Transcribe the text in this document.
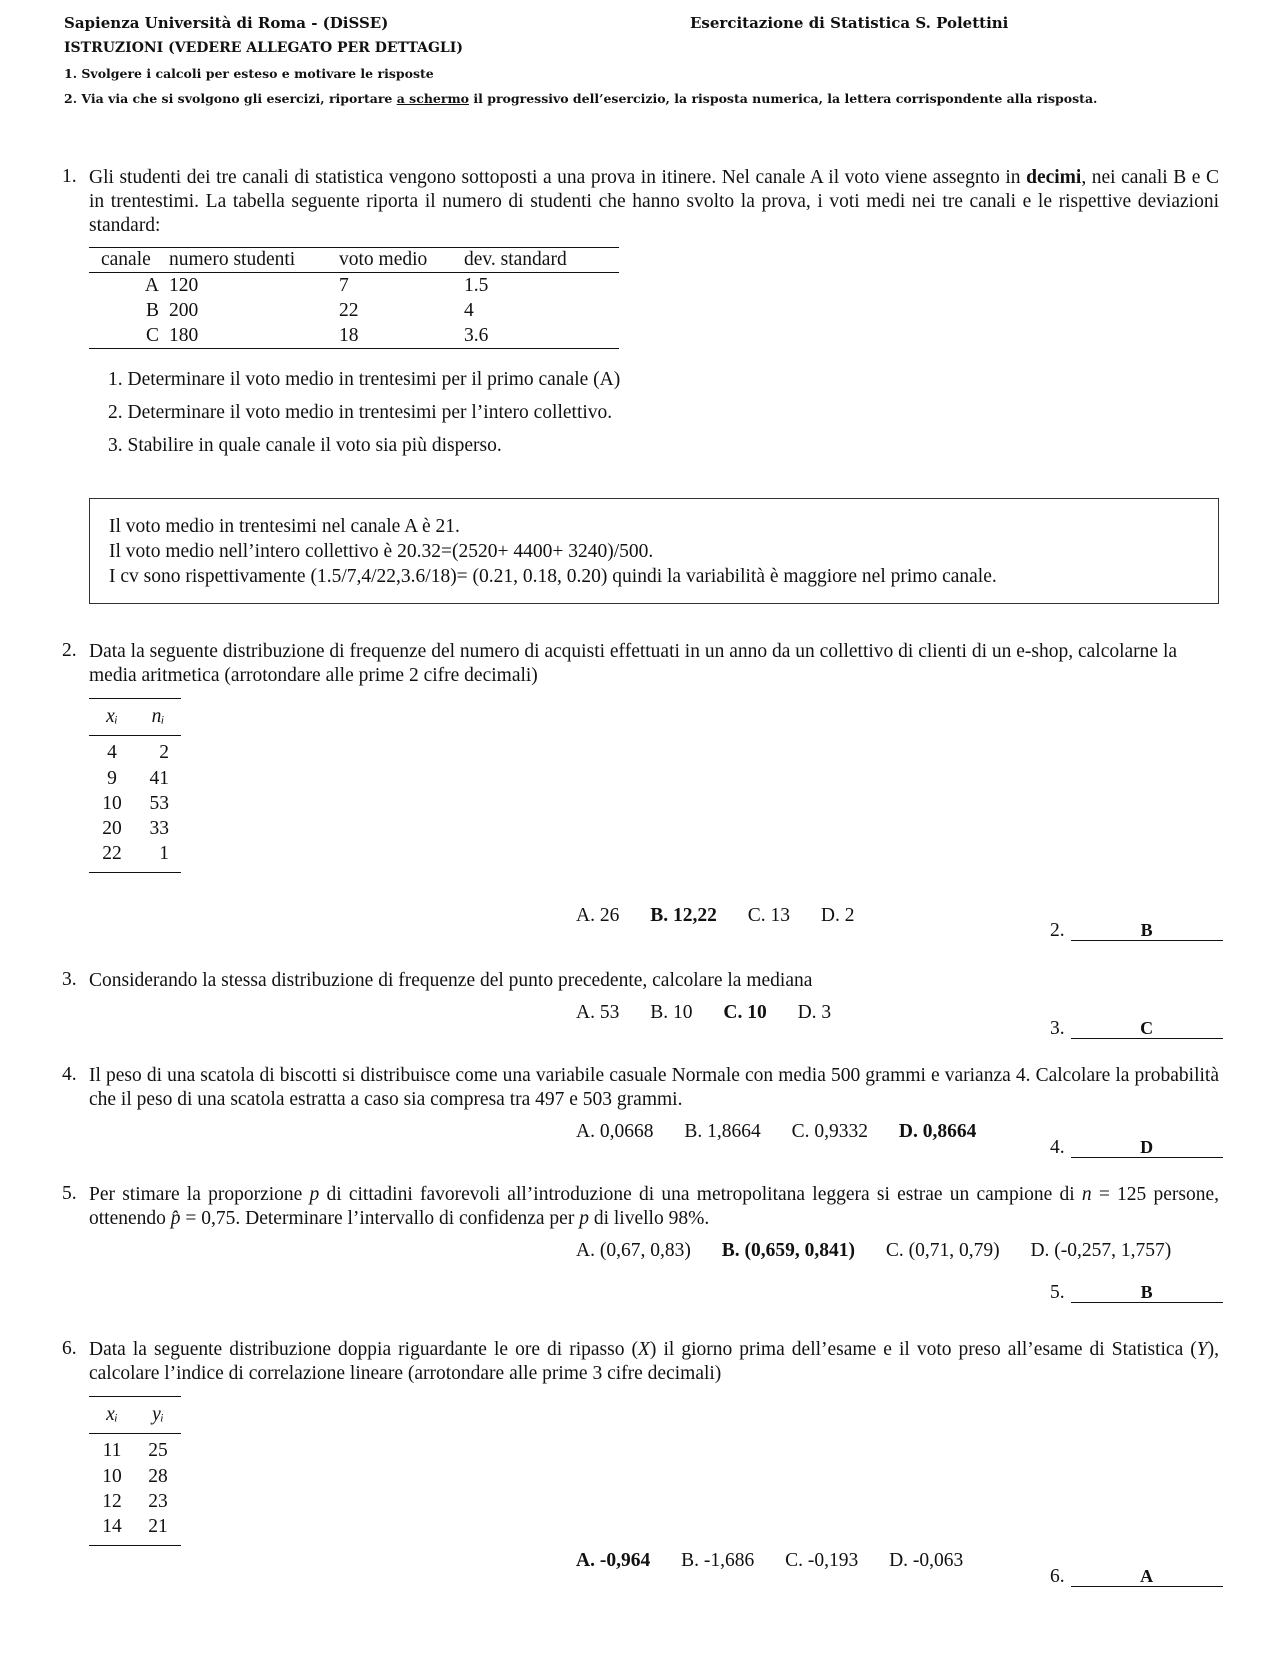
Sapienza Università di Roma - (DiSSE)	Esercitazione di Statistica S. Polettini
ISTRUZIONI (VEDERE ALLEGATO PER DETTAGLI)
1. Svolgere i calcoli per esteso e motivare le risposte
2. Via via che si svolgono gli esercizi, riportare a schermo il progressivo dell’esercizio, la risposta numerica, la lettera corrispondente alla risposta.
1. Gli studenti dei tre canali di statistica vengono sottoposti a una prova in itinere. Nel canale A il voto viene assegnto in decimi, nei canali B e C in trentestimi. La tabella seguente riporta il numero di studenti che hanno svolto la prova, i voti medi nei tre canali e le rispettive deviazioni standard:
canale	numero studenti	voto medio	dev. standard
A	120	7	1.5
B	200	22	4
C	180	18	3.6
1. Determinare il voto medio in trentesimi per il primo canale (A)
2. Determinare il voto medio in trentesimi per l’intero collettivo.
3. Stabilire in quale canale il voto sia più disperso.
Il voto medio in trentesimi nel canale A è 21.
Il voto medio nell’intero collettivo è 20.32=(2520+ 4400+ 3240)/500.
I cv sono rispettivamente (1.5/7,4/22,3.6/18)= (0.21, 0.18, 0.20) quindi la variabilità è maggiore nel primo canale.
2. Data la seguente distribuzione di frequenze del numero di acquisti effettuati in un anno da un collettivo di clienti di un e-shop, calcolarne la media aritmetica (arrotondare alle prime 2 cifre decimali)
xᵢ	nᵢ
4	2
9	41
10	53
20	33
22	1
A. 26 B. 12,22 C. 13 D. 2
2.	B
3. Considerando la stessa distribuzione di frequenze del punto precedente, calcolare la mediana
A. 53 B. 10 C. 10 D. 3
3.	C
4. Il peso di una scatola di biscotti si distribuisce come una variabile casuale Normale con media 500 grammi e varianza 4. Calcolare la probabilità che il peso di una scatola estratta a caso sia compresa tra 497 e 503 grammi.
A. 0,0668 B. 1,8664 C. 0,9332 D. 0,8664
4.	D
5. Per stimare la proporzione p di cittadini favorevoli all’introduzione di una metropolitana leggera si estrae un campione di n = 125 persone, ottenendo p̂ = 0,75. Determinare l’intervallo di confidenza per p di livello 98%.
A. (0,67, 0,83) B. (0,659, 0,841) C. (0,71, 0,79) D. (-0,257, 1,757)
5.	B
6. Data la seguente distribuzione doppia riguardante le ore di ripasso (X) il giorno prima dell’esame e il voto preso all’esame di Statistica (Y), calcolare l’indice di correlazione lineare (arrotondare alle prime 3 cifre decimali)
xᵢ	yᵢ
11	25
10	28
12	23
14	21
A. -0,964 B. -1,686 C. -0,193 D. -0,063
6.	A
